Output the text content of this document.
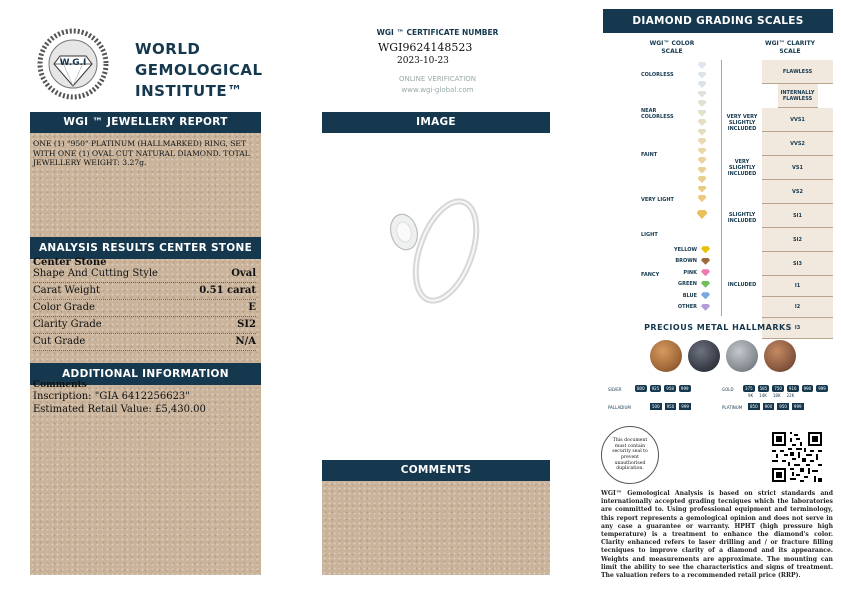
W.G.I
WORLD
GEMOLOGICAL
INSTITUTE™
WGI ™ JEWELLERY REPORT
ONE (1) "950" PLATINUM (HALLMARKED) RING, SET WITH ONE (1) OVAL CUT NATURAL DIAMOND. TOTAL JEWELLERY WEIGHT: 3.27g.
ANALYSIS RESULTS CENTER STONE
Center Stone
Shape And Cutting Style	Oval
Carat Weight	0.51 carat
Color Grade	E
Clarity Grade	SI2
Cut Grade	N/A
ADDITIONAL INFORMATION
Comments
Inscription: "GIA 6412256623"
Estimated Retail Value: £5,430.00
WGI ™ CERTIFICATE NUMBER
WGI9624148523
2023-10-23
ONLINE VERIFICATION
www.wgi-global.com
IMAGE
COMMENTS
DIAMOND GRADING SCALES
WGI™ COLOR SCALE
WGI™ CLARITY SCALE
COLORLESS
NEAR COLORLESS
FAINT
VERY LIGHT
LIGHT
FANCY
YELLOW
BROWN
PINK
GREEN
BLUE
OTHER
VERY VERY SLIGHTLY INCLUDED
VERY SLIGHTLY INCLUDED
SLIGHTLY INCLUDED
INCLUDED
FLAWLESS
INTERNALLY FLAWLESS
VVS1
VVS2
VS1
VS2
SI1
SI2
SI3
I1
I2
I3
PRECIOUS METAL HALLMARKS
SILVER	800	925	958	999	GOLD	375	585	750	916	990	999
9K 14K 18K 22K
PALLADIUM	500	950	999	PLATINUM	850	900	950	999
This document must contain security seal to prevent unauthorised duplication.
WGI™ Gemological Analysis is based on strict standards and internationally accepted grading tecniques which the laboratories are committed to. Using professional equipment and terminology, this report represents a gemological opinion and does not serve in any case a guarantee or warranty. HPHT (high pressure high temperature) is a treatment to enhance the diamond's color. Clarity enhanced refers to laser drilling and / or fracture filling tecniques to improve clarity of a diamond and its appearance. Weights and measurements are approximate. The mounting can limit the ability to see the characteristics and signs of treatment. The valuation refers to a recommended retail price (RRP).
